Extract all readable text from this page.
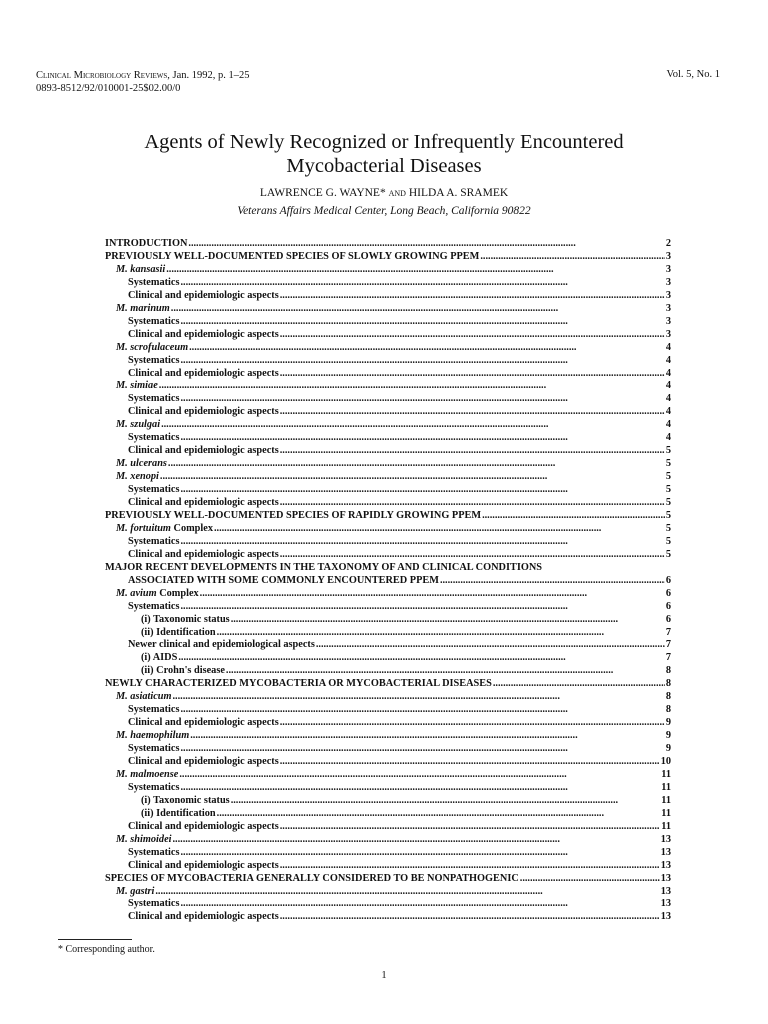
Clinical Microbiology Reviews, Jan. 1992, p. 1–25
0893-8512/92/010001-25$02.00/0
Vol. 5, No. 1
Agents of Newly Recognized or Infrequently Encountered
Mycobacterial Diseases
LAWRENCE G. WAYNE* and HILDA A. SRAMEK
Veterans Affairs Medical Center, Long Beach, California 90822
INTRODUCTION . . .	2
PREVIOUSLY WELL-DOCUMENTED SPECIES OF SLOWLY GROWING PPEM . . .	3
M. kansasii . . .	3
Systematics . . .	3
Clinical and epidemiologic aspects . . .	3
M. marinum . . .	3
Systematics . . .	3
Clinical and epidemiologic aspects . . .	3
M. scrofulaceum . . .	4
Systematics . . .	4
Clinical and epidemiologic aspects . . .	4
M. simiae . . .	4
Systematics . . .	4
Clinical and epidemiologic aspects . . .	4
M. szulgai . . .	4
Systematics . . .	4
Clinical and epidemiologic aspects . . .	5
M. ulcerans . . .	5
M. xenopi . . .	5
Systematics . . .	5
Clinical and epidemiologic aspects . . .	5
PREVIOUSLY WELL-DOCUMENTED SPECIES OF RAPIDLY GROWING PPEM . . .	5
M. fortuitum Complex . . .	5
Systematics . . .	5
Clinical and epidemiologic aspects . . .	5
MAJOR RECENT DEVELOPMENTS IN THE TAXONOMY OF AND CLINICAL CONDITIONS
ASSOCIATED WITH SOME COMMONLY ENCOUNTERED PPEM . . .	6
M. avium Complex . . .	6
Systematics . . .	6
(i) Taxonomic status . . .	6
(ii) Identification . . .	7
Newer clinical and epidemiological aspects . . .	7
(i) AIDS . . .	7
(ii) Crohn's disease . . .	8
NEWLY CHARACTERIZED MYCOBACTERIA OR MYCOBACTERIAL DISEASES . . .	8
M. asiaticum . . .	8
Systematics . . .	8
Clinical and epidemiologic aspects . . .	9
M. haemophilum . . .	9
Systematics . . .	9
Clinical and epidemiologic aspects . . .	10
M. malmoense . . .	11
Systematics . . .	11
(i) Taxonomic status . . .	11
(ii) Identification . . .	11
Clinical and epidemiologic aspects . . .	11
M. shimoidei . . .	13
Systematics . . .	13
Clinical and epidemiologic aspects . . .	13
SPECIES OF MYCOBACTERIA GENERALLY CONSIDERED TO BE NONPATHOGENIC . . .	13
M. gastri . . .	13
Systematics . . .	13
Clinical and epidemiologic aspects . . .	13
* Corresponding author.
1
